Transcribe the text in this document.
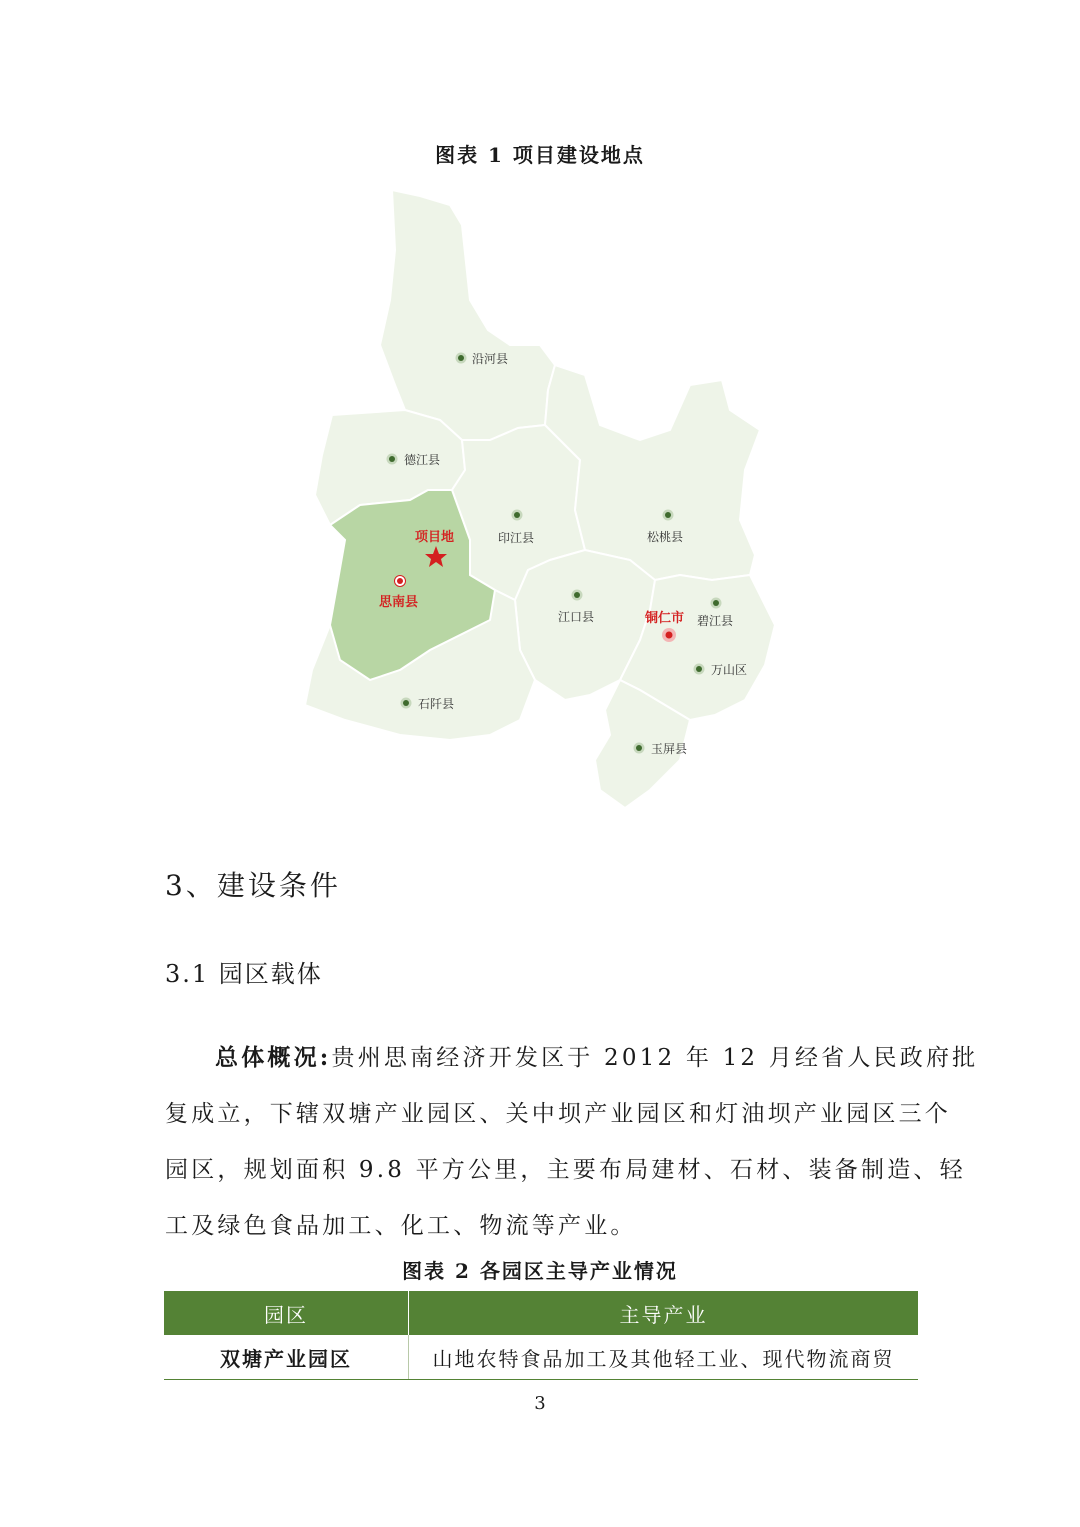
图表 1 项目建设地点
沿河县
德江县
印江县	松桃县
项目地
思南县
江口县	铜仁市 碧江县
万山区
石阡县
玉屏县
3、建设条件
3.1 园区载体
总体概况:贵州思南经济开发区于 2012 年 12 月经省人民政府批
复成立，下辖双塘产业园区、关中坝产业园区和灯油坝产业园区三个
园区，规划面积 9.8 平方公里，主要布局建材、石材、装备制造、轻
工及绿色食品加工、化工、物流等产业。
图表 2 各园区主导产业情况
园区	主导产业
双塘产业园区	山地农特食品加工及其他轻工业、现代物流商贸
3
